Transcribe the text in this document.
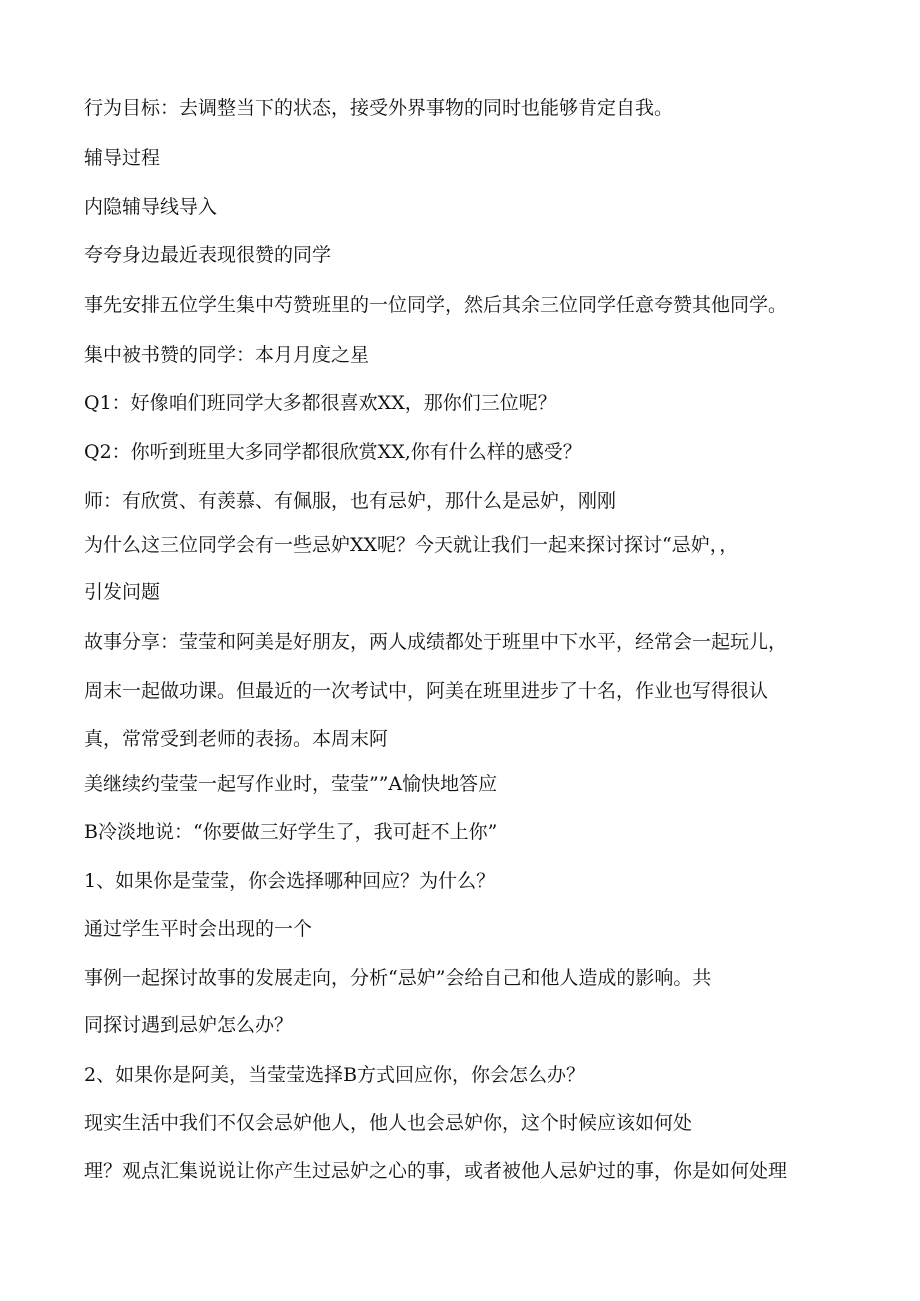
行为目标：去调整当下的状态，接受外界事物的同时也能够肯定自我。

辅导过程

内隐辅导线导入

夸夸身边最近表现很赞的同学

事先安排五位学生集中芍赞班里的一位同学，然后其余三位同学任意夸赞其他同学。

集中被书赞的同学：本月月度之星

Q1：好像咱们班同学大多都很喜欢XX，那你们三位呢？

Q2：你听到班里大多同学都很欣赏XX,你有什么样的感受？

师：有欣赏、有羡慕、有佩服，也有忌妒，那什么是忌妒，刚刚

为什么这三位同学会有一些忌妒XX呢？今天就让我们一起来探讨探讨“忌妒，，

引发问题

故事分享：莹莹和阿美是好朋友，两人成绩都处于班里中下水平，经常会一起玩儿，

周末一起做功课。但最近的一次考试中，阿美在班里进步了十名，作业也写得很认

真，常常受到老师的表扬。本周末阿

美继续约莹莹一起写作业时，莹莹””A愉快地答应

B冷淡地说：“你要做三好学生了，我可赶不上你”

1、如果你是莹莹，你会选择哪种回应？为什么？

通过学生平时会出现的一个

事例一起探讨故事的发展走向，分析“忌妒”会给自己和他人造成的影响。共

同探讨遇到忌妒怎么办？

2、如果你是阿美，当莹莹选择B方式回应你，你会怎么办？

现实生活中我们不仅会忌妒他人，他人也会忌妒你，这个时候应该如何处

理？观点汇集说说让你产生过忌妒之心的事，或者被他人忌妒过的事，你是如何处理
